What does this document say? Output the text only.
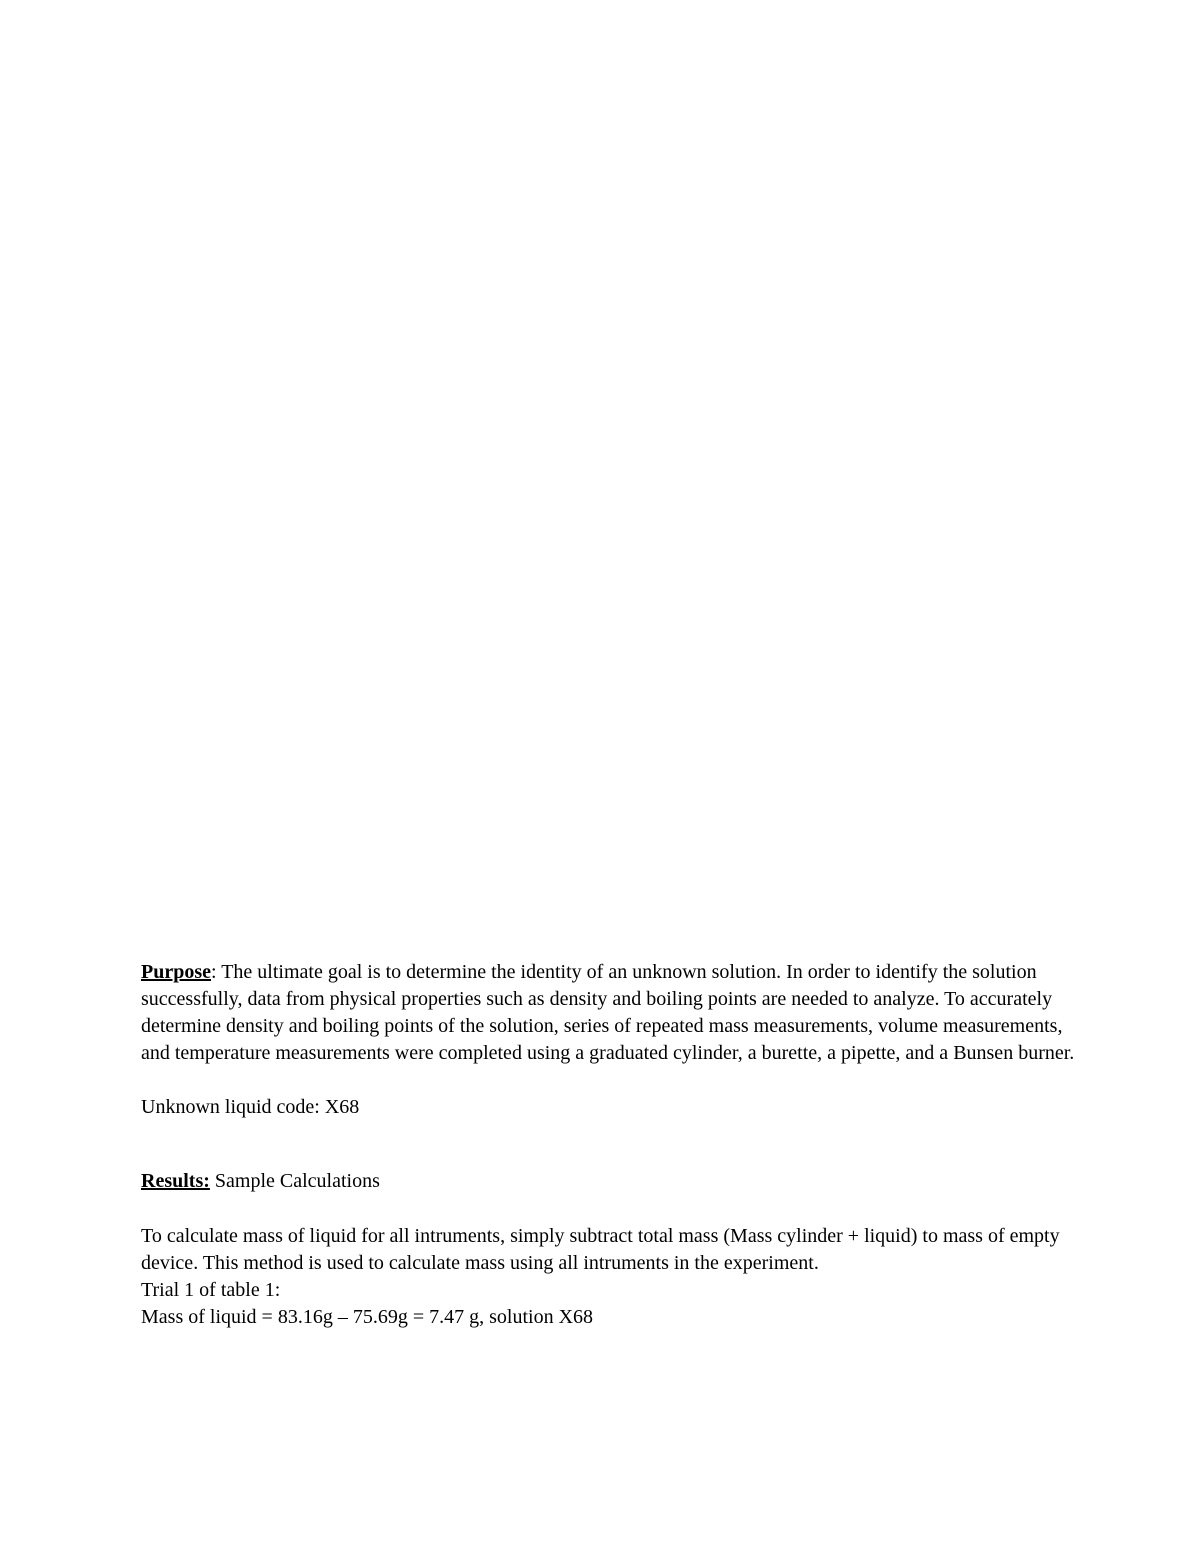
Purpose: The ultimate goal is to determine the identity of an unknown solution. In order to identify the solution successfully, data from physical properties such as density and boiling points are needed to analyze. To accurately determine density and boiling points of the solution, series of repeated mass measurements, volume measurements, and temperature measurements were completed using a graduated cylinder, a burette, a pipette, and a Bunsen burner.

Unknown liquid code: X68

Results: Sample Calculations

To calculate mass of liquid for all intruments, simply subtract total mass (Mass cylinder + liquid) to mass of empty device. This method is used to calculate mass using all intruments in the experiment.

Trial 1 of table 1:

Mass of liquid = 83.16g – 75.69g = 7.47 g, solution X68
